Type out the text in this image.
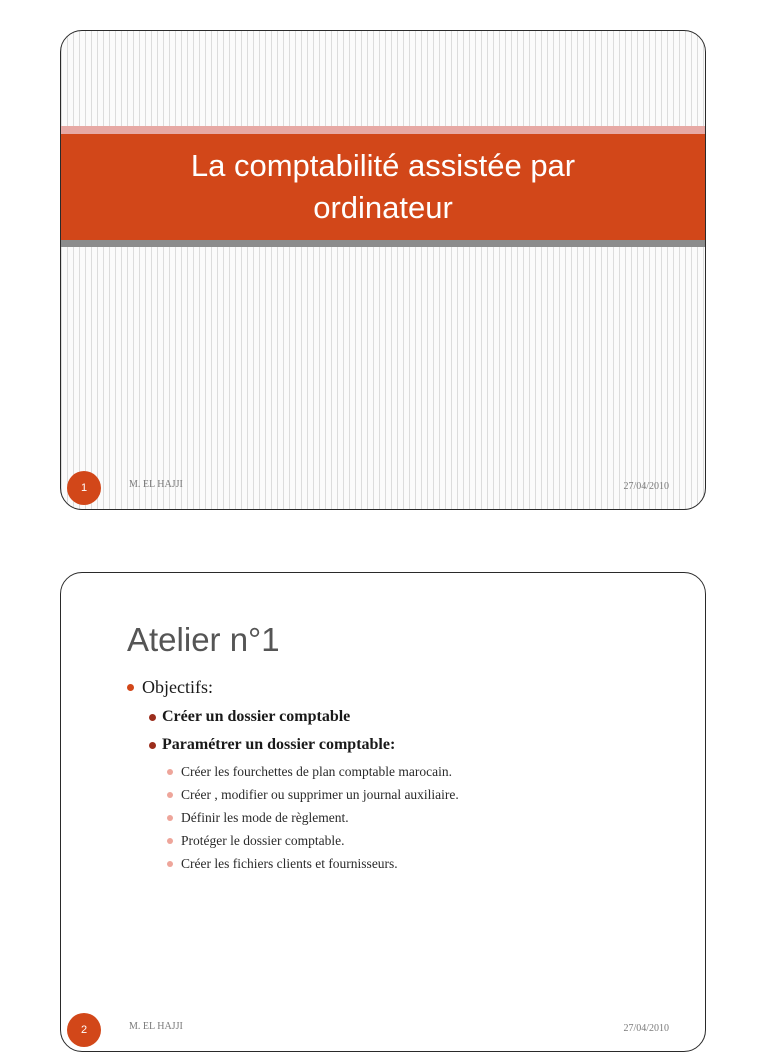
La comptabilité assistée par ordinateur
1	M. EL HAJJI	27/04/2010
Atelier n°1
Objectifs:
Créer un dossier comptable
Paramétrer un dossier comptable:
Créer les fourchettes de plan comptable marocain.
Créer , modifier ou supprimer un journal auxiliaire.
Définir les mode de règlement.
Protéger le dossier comptable.
Créer les fichiers clients et fournisseurs.
2	M. EL HAJJI	27/04/2010
